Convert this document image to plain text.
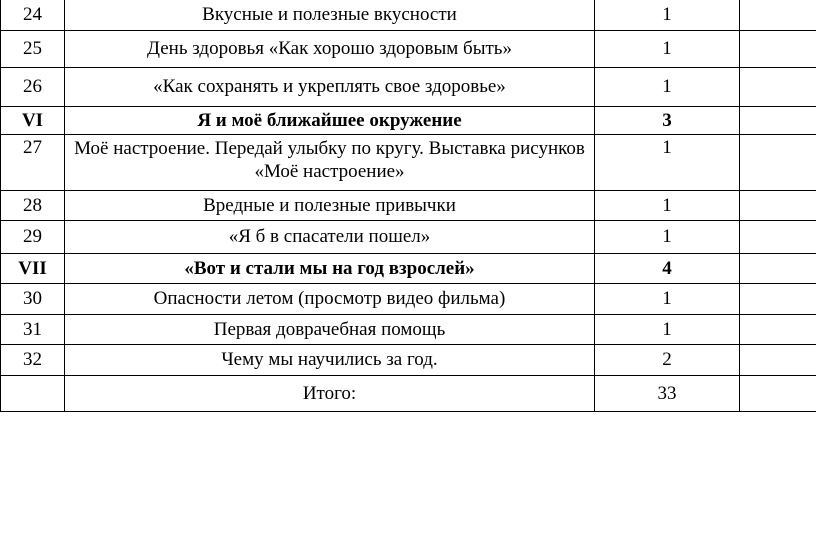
24	Вкусные и полезные вкусности	1	
25	День здоровья «Как хорошо здоровым быть»	1	
26	«Как сохранять и укреплять свое здоровье»	1	
VI	Я и моё ближайшее окружение	3	
27	Моё настроение. Передай улыбку по кругу. Выставка рисунков «Моё настроение»	1	
28	Вредные и полезные привычки	1	
29	«Я б в спасатели пошел»	1	
VII	«Вот и стали мы на год взрослей»	4	
30	Опасности летом (просмотр видео фильма)	1	
31	Первая доврачебная помощь	1	
32	Чему мы научились за год.	2	
	Итого:	33	
